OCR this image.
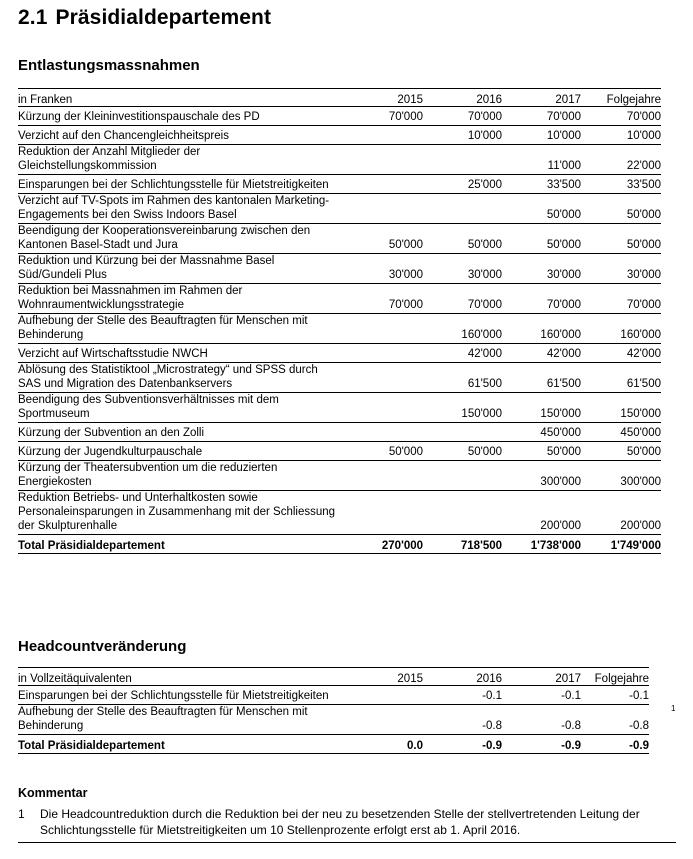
2.1 Präsidialdepartement
Entlastungsmassnahmen
in Franken	2015	2016	2017	Folgejahre
Kürzung der Kleininvestitionspauschale des PD	70'000	70'000	70'000	70'000
Verzicht auf den Chancengleichheitspreis		10'000	10'000	10'000
Reduktion der Anzahl Mitglieder der Gleichstellungskommission			11'000	22'000
Einsparungen bei der Schlichtungsstelle für Mietstreitigkeiten		25'000	33'500	33'500
Verzicht auf TV-Spots im Rahmen des kantonalen Marketing-Engagements bei den Swiss Indoors Basel			50'000	50'000
Beendigung der Kooperationsvereinbarung zwischen den Kantonen Basel-Stadt und Jura	50'000	50'000	50'000	50'000
Reduktion und Kürzung bei der Massnahme Basel Süd/Gundeli Plus	30'000	30'000	30'000	30'000
Reduktion bei Massnahmen im Rahmen der Wohnraumentwicklungsstrategie	70'000	70'000	70'000	70'000
Aufhebung der Stelle des Beauftragten für Menschen mit Behinderung		160'000	160'000	160'000
Verzicht auf Wirtschaftsstudie NWCH		42'000	42'000	42'000
Ablösung des Statistiktool „Microstrategy“ und SPSS durch SAS und Migration des Datenbankservers		61'500	61'500	61'500
Beendigung des Subventionsverhältnisses mit dem Sportmuseum		150'000	150'000	150'000
Kürzung der Subvention an den Zolli			450'000	450'000
Kürzung der Jugendkulturpauschale	50'000	50'000	50'000	50'000
Kürzung der Theatersubvention um die reduzierten Energiekosten			300'000	300'000
Reduktion Betriebs- und Unterhaltkosten sowie Personaleinsparungen in Zusammenhang mit der Schliessung der Skulpturenhalle			200'000	200'000
Total Präsidialdepartement	270'000	718'500	1'738'000	1'749'000
Headcountveränderung
in Vollzeitäquivalenten	2015	2016	2017	Folgejahre
Einsparungen bei der Schlichtungsstelle für Mietstreitigkeiten		-0.1	-0.1	-0.1
Aufhebung der Stelle des Beauftragten für Menschen mit Behinderung		-0.8	-0.8	-0.8
Total Präsidialdepartement	0.0	-0.9	-0.9	-0.9
1
Kommentar
1 Die Headcountreduktion durch die Reduktion bei der neu zu besetzenden Stelle der stellvertretenden Leitung der Schlichtungsstelle für Mietstreitigkeiten um 10 Stellenprozente erfolgt erst ab 1. April 2016.
